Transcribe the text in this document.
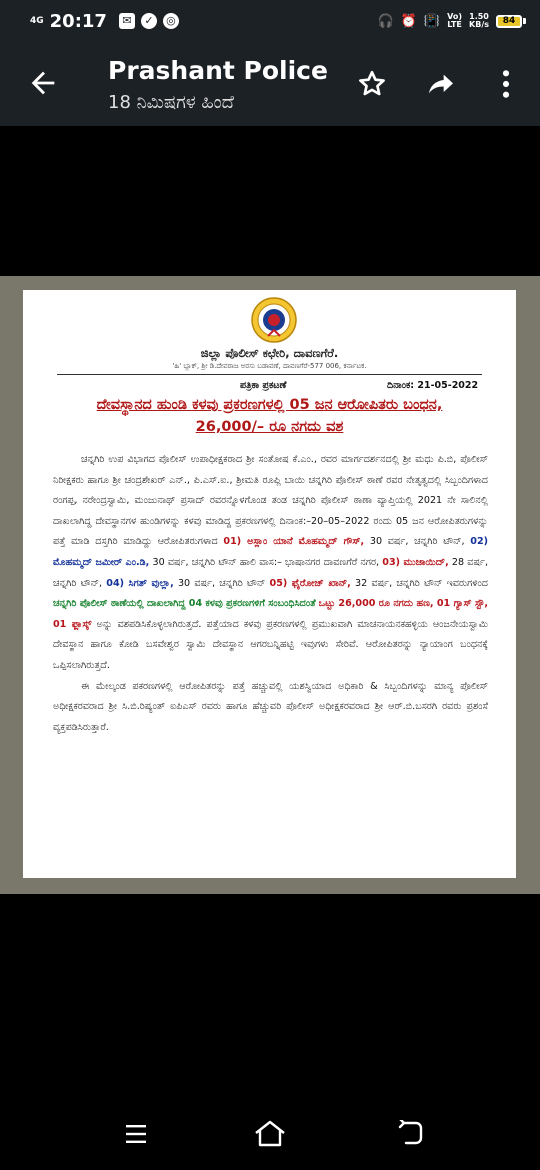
4G 20:17	✉	✓	◎	🎧 ⏰ 📳 Vo)
LTE
1.50
KB/s	84
Prashant Police
18 ನಿಮಿಷಗಳ ಹಿಂದೆ
ಜಿಲ್ಲಾ ಪೊಲೀಸ್ ಕಛೇರಿ, ದಾವಣಗೆರೆ.
'ಹಿ' ಬ್ಲಾಕ್, ಶ್ರೀ ಡಿ.ದೇವರಾಜ ಅರಸು ಬಡಾವಣೆ, ದಾವಣಗೆರೆ-577 006, ಕರ್ನಾಟಕ.
ಪತ್ರಿಕಾ ಪ್ರಕಟಣೆ	ದಿನಾಂಕ: 21-05-2022
ದೇವಸ್ಥಾನದ ಹುಂಡಿ ಕಳವು ಪ್ರಕರಣಗಳಲ್ಲಿ 05 ಜನ ಆರೋಪಿತರು ಬಂಧನ,
26,000/– ರೂ ನಗದು ವಶ

ಚನ್ನಗಿರಿ ಉಪ ವಿಭಾಗದ ಪೊಲೀಸ್ ಉಪಾಧೀಕ್ಷಕರಾದ ಶ್ರೀ ಸಂತೋಷ ಕೆ.ಎಂ., ರವರ ಮಾರ್ಗದರ್ಶನದಲ್ಲಿ ಶ್ರೀ ಮಧು ಪಿ.ಬಿ, ಪೊಲೀಸ್ ನಿರೀಕ್ಷಕರು ಹಾಗೂ ಶ್ರೀ ಚಂದ್ರಶೇಖರ್ ಎನ್., ಪಿ.ಎಸ್.ಐ., ಶ್ರೀಮತಿ ರೂಪ್ಲಿ ಬಾಯಿ ಚನ್ನಗಿರಿ ಪೊಲೀಸ್ ಠಾಣೆ ರವರ ನೇತೃತ್ವದಲ್ಲಿ ಸಿಬ್ಬಂದಿಗಳಾದ ರಂಗಪ್ಪ, ನರೇಂದ್ರಸ್ವಾಮಿ, ಮಂಜುನಾಥ್ ಪ್ರಸಾದ್ ರವರನ್ನೊಳಗೊಂಡ ತಂಡ ಚನ್ನಗಿರಿ ಪೊಲೀಸ್ ಠಾಣಾ ವ್ಯಾಪ್ತಿಯಲ್ಲಿ 2021 ನೇ ಸಾಲಿನಲ್ಲಿ ದಾಖಲಾಗಿದ್ದ ದೇವಸ್ಥಾನಗಳ ಹುಂಡಿಗಳನ್ನು ಕಳವು ಮಾಡಿದ್ದ ಪ್ರಕರಣಗಳಲ್ಲಿ ದಿನಾಂಕ:–20–05–2022 ರಂದು 05 ಜನ ಆರೋಪಿತರುಗಳನ್ನು ಪತ್ತೆ ಮಾಡಿ ದಸ್ತಗಿರಿ ಮಾಡಿದ್ದು ಆರೋಪಿತರುಗಳಾದ 01) ಅಸ್ಲಾಂ ಯಾನೆ ಮೊಹಮ್ಮದ್ ಗೌಸ್, 30 ವರ್ಷ, ಚನ್ನಗಿರಿ ಟೌನ್, 02) ಮೊಹಮ್ಮದ್ ಜಮೀರ್ ಎಂ.ಡಿ, 30 ವರ್ಷ, ಚನ್ನಗಿರಿ ಟೌನ್ ಹಾಲಿ ವಾಸ:– ಭಾಷಾನಗರ ದಾವಣಗೆರೆ ನಗರ, 03) ಮುಜಾಯಿದ್, 28 ವರ್ಷ, ಚನ್ನಗಿರಿ ಟೌನ್, 04) ಸಿಗತ್ ವುಲ್ಲಾ, 30 ವರ್ಷ, ಚನ್ನಗಿರಿ ಟೌನ್ 05) ಫೈರೋಜ್ ಖಾನ್, 32 ವರ್ಷ, ಚನ್ನಗಿರಿ ಟೌನ್ ಇವರುಗಳಿಂದ ಚನ್ನಗಿರಿ ಪೊಲೀಸ್ ಠಾಣೆಯಲ್ಲಿ ದಾಖಲಾಗಿದ್ದ 04 ಕಳವು ಪ್ರಕರಣಗಳಿಗೆ ಸಂಬಂಧಿಸಿದಂತೆ ಒಟ್ಟು 26,000 ರೂ ನಗದು ಹಣ, 01 ಗ್ಯಾಸ್ ಸ್ಟೌ, 01 ಫ್ಲಾಸ್ಕ್ ಅನ್ನು ವಶಪಡಿಸಿಕೊಳ್ಳಲಾಗಿರುತ್ತದೆ. ಪತ್ತೆಯಾದ ಕಳವು ಪ್ರಕರಣಗಳಲ್ಲಿ ಪ್ರಮುಖವಾಗಿ ಮಾಚನಾಯನಕಹಳ್ಳಿಯ ಆಂಜನೇಯಸ್ವಾಮಿ ದೇವಸ್ಥಾನ ಹಾಗೂ ಕೋಡಿ ಬಸವೇಶ್ವರ ಸ್ವಾಮಿ ದೇವಸ್ಥಾನ ಆಗರಬನ್ನಿಹಟ್ಟಿ ಇವುಗಳು ಸೇರಿವೆ. ಆರೋಪಿತರನ್ನು ನ್ಯಾಯಾಂಗ ಬಂಧನಕ್ಕೆ ಒಪ್ಪಿಸಲಾಗಿರುತ್ತದೆ.

ಈ ಮೇಲ್ಕಂಡ ಪಕರಣಗಳಲ್ಲಿ ಆರೋಪಿತರನ್ನು ಪತ್ತೆ ಹಚ್ಚುವಲ್ಲಿ ಯಶಸ್ವಿಯಾದ ಅಧಿಕಾರಿ & ಸಿಬ್ಬಂದಿಗಳನ್ನು ಮಾನ್ಯ ಪೊಲೀಸ್ ಅಧೀಕ್ಷಕರವರಾದ ಶ್ರೀ ಸಿ.ಬಿ.ರಿಷ್ಯಂತ್ ಐಪಿಎಸ್ ರವರು ಹಾಗೂ ಹೆಚ್ಚುವರಿ ಪೊಲೀಸ್ ಅಧೀಕ್ಷಕರವರಾದ ಶ್ರೀ ಆರ್.ಬಿ.ಬಸರಗಿ ರವರು ಪ್ರಶಂಸೆ ವ್ಯಕ್ತಪಡಿಸಿರುತ್ತಾರೆ.
